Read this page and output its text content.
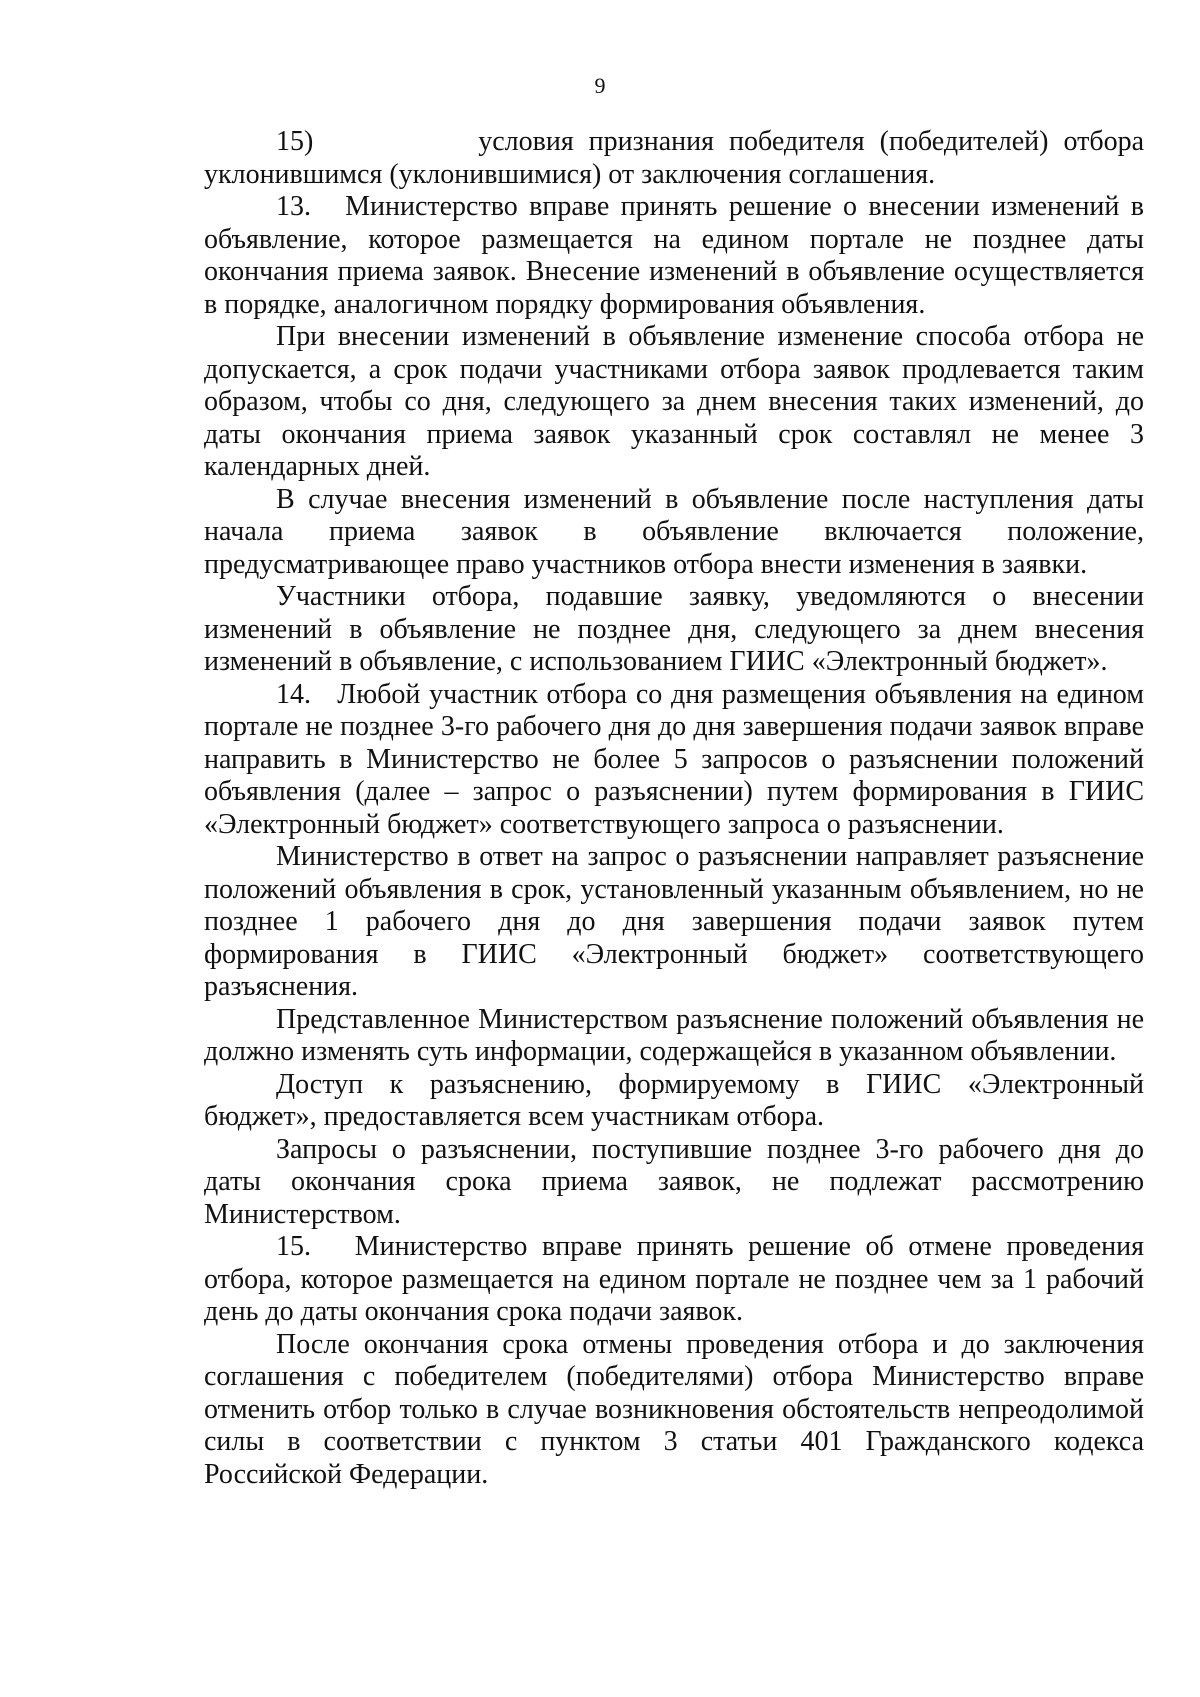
9

15)           условия признания победителя (победителей) отбора уклонившимся (уклонившимися) от заключения соглашения.

13.   Министерство вправе принять решение о внесении изменений в объявление, которое размещается на едином портале не позднее даты окончания приема заявок. Внесение изменений в объявление осуществляется в порядке, аналогичном порядку формирования объявления.

При внесении изменений в объявление изменение способа отбора не допускается, а срок подачи участниками отбора заявок продлевается таким образом, чтобы со дня, следующего за днем внесения таких изменений, до даты окончания приема заявок указанный срок составлял не менее 3 календарных дней.

В случае внесения изменений в объявление после наступления даты начала приема заявок в объявление включается положение, предусматривающее право участников отбора внести изменения в заявки.

Участники отбора, подавшие заявку, уведомляются о внесении изменений в объявление не позднее дня, следующего за днем внесения изменений в объявление, с использованием ГИИС «Электронный бюджет».

14.   Любой участник отбора со дня размещения объявления на едином портале не позднее 3-го рабочего дня до дня завершения подачи заявок вправе направить в Министерство не более 5 запросов о разъяснении положений объявления (далее – запрос о разъяснении) путем формирования в ГИИС «Электронный бюджет» соответствующего запроса о разъяснении.

Министерство в ответ на запрос о разъяснении направляет разъяснение положений объявления в срок, установленный указанным объявлением, но не позднее 1 рабочего дня до дня завершения подачи заявок путем формирования в ГИИС «Электронный бюджет» соответствующего разъяснения.

Представленное Министерством разъяснение положений объявления не должно изменять суть информации, содержащейся в указанном объявлении.

Доступ к разъяснению, формируемому в ГИИС «Электронный бюджет», предоставляется всем участникам отбора.

Запросы о разъяснении, поступившие позднее 3-го рабочего дня до даты окончания срока приема заявок, не подлежат рассмотрению Министерством.

15.   Министерство вправе принять решение об отмене проведения отбора, которое размещается на едином портале не позднее чем за 1 рабочий день до даты окончания срока подачи заявок.

После окончания срока отмены проведения отбора и до заключения соглашения с победителем (победителями) отбора Министерство вправе отменить отбор только в случае возникновения обстоятельств непреодолимой силы в соответствии с пунктом 3 статьи 401 Гражданского кодекса Российской Федерации.
